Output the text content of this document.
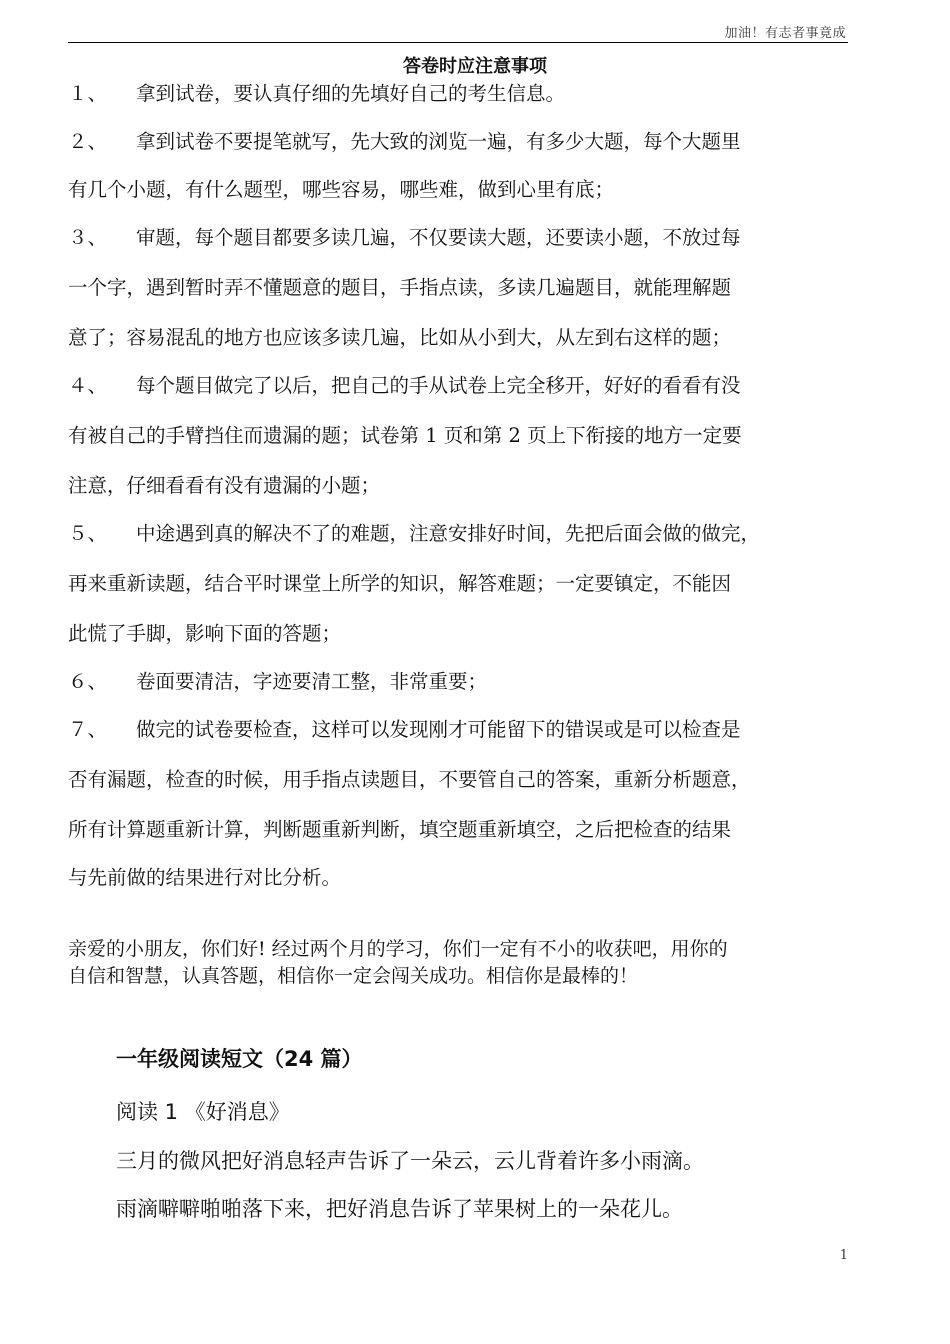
加油！有志者事竟成
答卷时应注意事项
１、 拿到试卷，要认真仔细的先填好自己的考生信息。
２、 拿到试卷不要提笔就写，先大致的浏览一遍，有多少大题，每个大题里
有几个小题，有什么题型，哪些容易，哪些难，做到心里有底；
３、 审题，每个题目都要多读几遍，不仅要读大题，还要读小题，不放过每
一个字，遇到暂时弄不懂题意的题目，手指点读，多读几遍题目，就能理解题
意了；容易混乱的地方也应该多读几遍，比如从小到大，从左到右这样的题；
４、 每个题目做完了以后，把自己的手从试卷上完全移开，好好的看看有没
有被自己的手臂挡住而遗漏的题；试卷第 1 页和第 2 页上下衔接的地方一定要
注意，仔细看看有没有遗漏的小题；
５、 中途遇到真的解决不了的难题，注意安排好时间，先把后面会做的做完，
再来重新读题，结合平时课堂上所学的知识，解答难题；一定要镇定，不能因
此慌了手脚，影响下面的答题；
６、 卷面要清洁，字迹要清工整，非常重要；
７、 做完的试卷要检查，这样可以发现刚才可能留下的错误或是可以检查是
否有漏题，检查的时候，用手指点读题目，不要管自己的答案，重新分析题意，
所有计算题重新计算，判断题重新判断，填空题重新填空，之后把检查的结果
与先前做的结果进行对比分析。
亲爱的小朋友，你们好! 经过两个月的学习，你们一定有不小的收获吧，用你的
自信和智慧，认真答题，相信你一定会闯关成功。相信你是最棒的！
一年级阅读短文（24 篇）
阅读 1 《好消息》
三月的微风把好消息轻声告诉了一朵云，云儿背着许多小雨滴。
雨滴噼噼啪啪落下来，把好消息告诉了苹果树上的一朵花儿。
1
